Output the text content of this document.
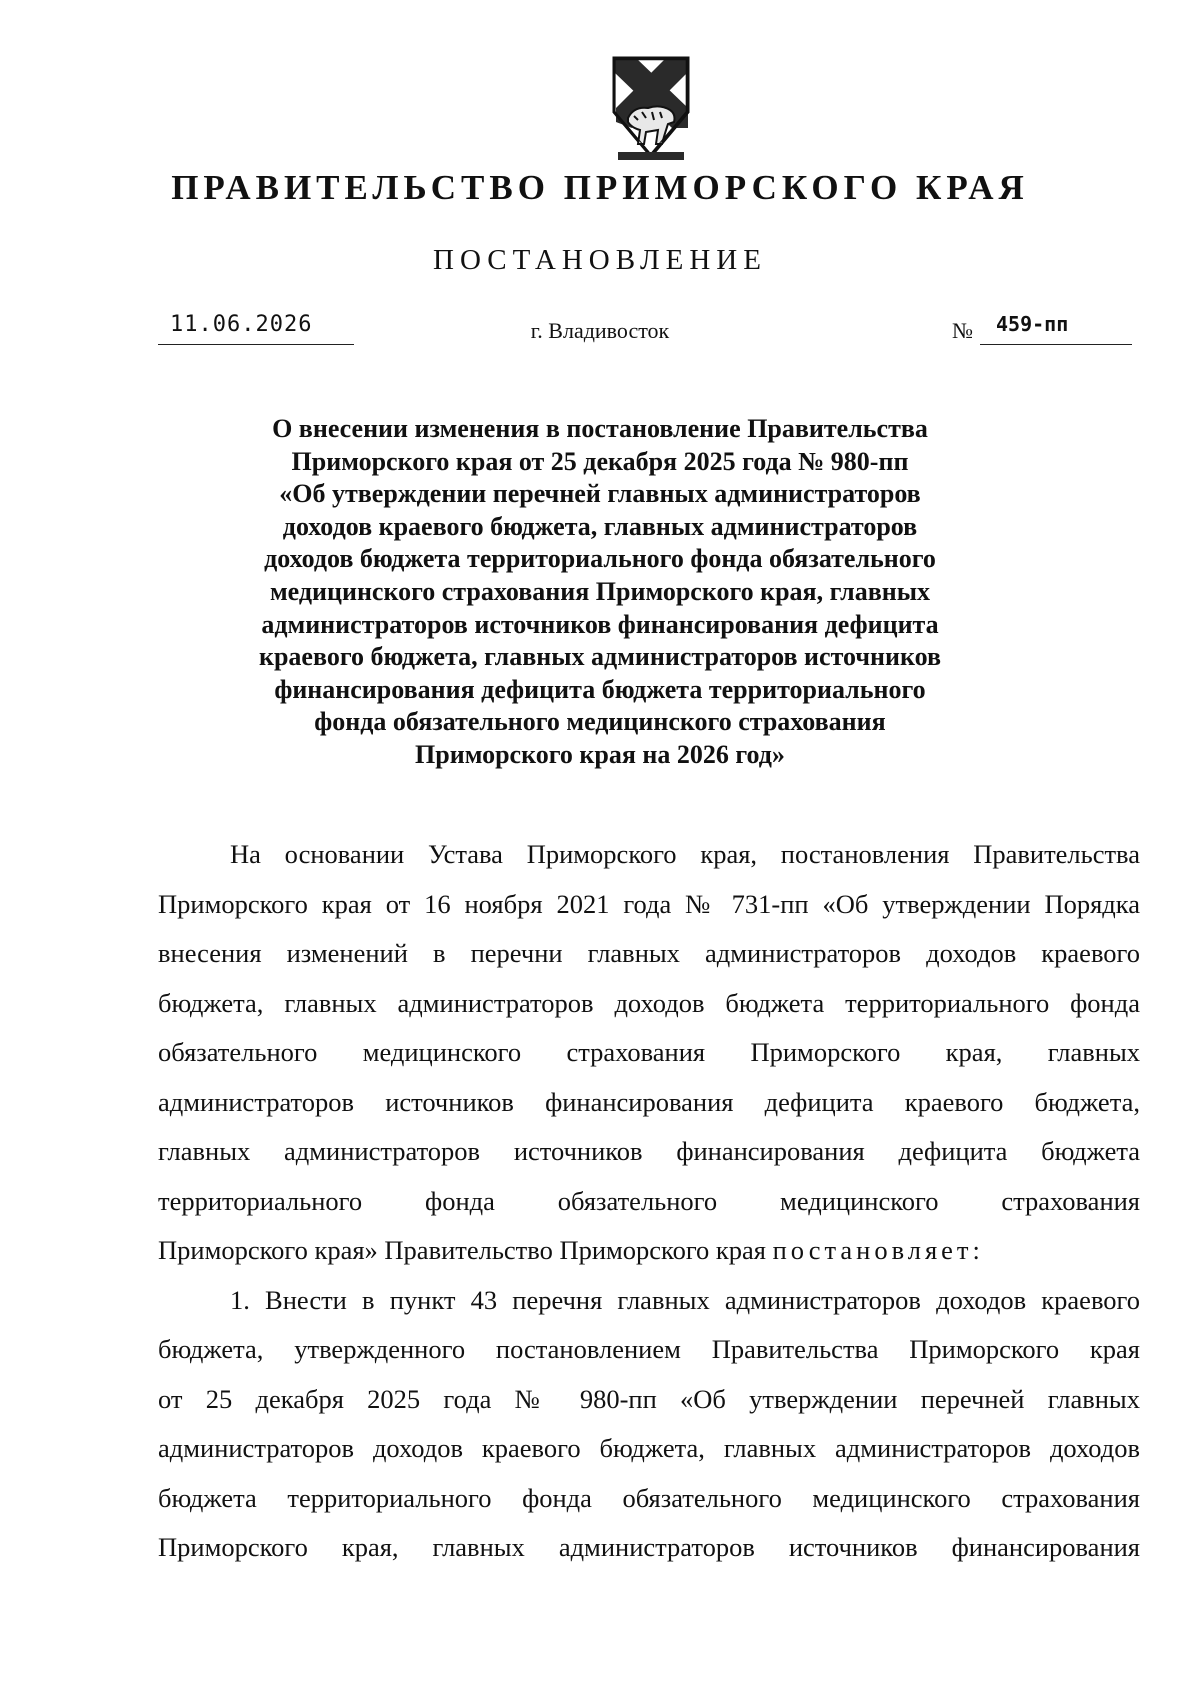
ПРАВИТЕЛЬСТВО ПРИМОРСКОГО КРАЯ
ПОСТАНОВЛЕНИЕ
11.06.2026	г. Владивосток	№ 459-пп
О внесении изменения в постановление Правительства
Приморского края от 25 декабря 2025 года № 980-пп
«Об утверждении перечней главных администраторов
доходов краевого бюджета, главных администраторов
доходов бюджета территориального фонда обязательного
медицинского страхования Приморского края, главных
администраторов источников финансирования дефицита
краевого бюджета, главных администраторов источников
финансирования дефицита бюджета территориального
фонда обязательного медицинского страхования
Приморского края на 2026 год»
На основании Устава Приморского края, постановления Правительства
Приморского края от 16 ноября 2021 года № 731-пп «Об утверждении Порядка
внесения изменений в перечни главных администраторов доходов краевого
бюджета, главных администраторов доходов бюджета территориального фонда
обязательного медицинского страхования Приморского края, главных
администраторов источников финансирования дефицита краевого бюджета,
главных администраторов источников финансирования дефицита бюджета
территориального фонда обязательного медицинского страхования
Приморского края» Правительство Приморского края постановляет:
1. Внести в пункт 43 перечня главных администраторов доходов краевого
бюджета, утвержденного постановлением Правительства Приморского края
от 25 декабря 2025 года № 980-пп «Об утверждении перечней главных
администраторов доходов краевого бюджета, главных администраторов доходов
бюджета территориального фонда обязательного медицинского страхования
Приморского края, главных администраторов источников финансирования
